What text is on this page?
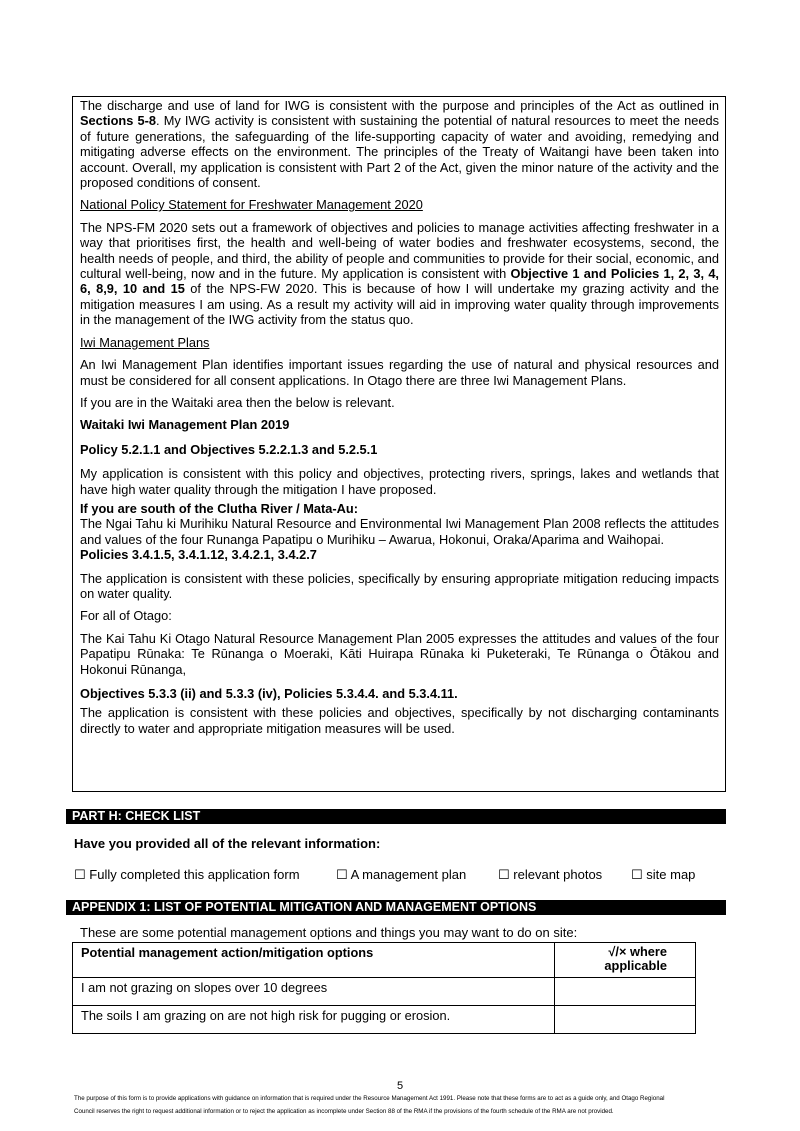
The discharge and use of land for IWG is consistent with the purpose and principles of the Act as outlined in Sections 5-8. My IWG activity is consistent with sustaining the potential of natural resources to meet the needs of future generations, the safeguarding of the life-supporting capacity of water and avoiding, remedying and mitigating adverse effects on the environment. The principles of the Treaty of Waitangi have been taken into account. Overall, my application is consistent with Part 2 of the Act, given the minor nature of the activity and the proposed conditions of consent.

National Policy Statement for Freshwater Management 2020

The NPS-FM 2020 sets out a framework of objectives and policies to manage activities affecting freshwater in a way that prioritises first, the health and well-being of water bodies and freshwater ecosystems, second, the health needs of people, and third, the ability of people and communities to provide for their social, economic, and cultural well-being, now and in the future. My application is consistent with Objective 1 and Policies 1, 2, 3, 4, 6, 8,9, 10 and 15 of the NPS-FW 2020. This is because of how I will undertake my grazing activity and the mitigation measures I am using. As a result my activity will aid in improving water quality through improvements in the management of the IWG activity from the status quo.

Iwi Management Plans

An Iwi Management Plan identifies important issues regarding the use of natural and physical resources and must be considered for all consent applications. In Otago there are three Iwi Management Plans.

If you are in the Waitaki area then the below is relevant.

Waitaki Iwi Management Plan 2019

Policy 5.2.1.1 and Objectives 5.2.2.1.3 and 5.2.5.1

My application is consistent with this policy and objectives, protecting rivers, springs, lakes and wetlands that have high water quality through the mitigation I have proposed.

If you are south of the Clutha River / Mata-Au:

The Ngai Tahu ki Murihiku Natural Resource and Environmental Iwi Management Plan 2008 reflects the attitudes and values of the four Runanga Papatipu o Murihiku – Awarua, Hokonui, Oraka/Aparima and Waihopai.

Policies 3.4.1.5, 3.4.1.12, 3.4.2.1, 3.4.2.7

The application is consistent with these policies, specifically by ensuring appropriate mitigation reducing impacts on water quality.

For all of Otago:

The Kai Tahu Ki Otago Natural Resource Management Plan 2005 expresses the attitudes and values of the four Papatipu Rūnaka: Te Rūnanga o Moeraki, Kāti Huirapa Rūnaka ki Puketeraki, Te Rūnanga o Ōtākou and Hokonui Rūnanga,

Objectives 5.3.3 (ii) and 5.3.3 (iv), Policies 5.3.4.4. and 5.3.4.11.

The application is consistent with these policies and objectives, specifically by not discharging contaminants directly to water and appropriate mitigation measures will be used.

PART H: CHECK LIST
Have you provided all of the relevant information:
☐ Fully completed this application form	☐ A management plan ☐ relevant photos ☐ site map
APPENDIX 1: LIST OF POTENTIAL MITIGATION AND MANAGEMENT OPTIONS
These are some potential management options and things you may want to do on site:
Potential management action/mitigation options	√/× where
applicable
I am not grazing on slopes over 10 degrees	
The soils I am grazing on are not high risk for pugging or erosion.	
5
The purpose of this form is to provide applications with guidance on information that is required under the Resource Management Act 1991. Please note that these forms are to act as a guide only, and Otago Regional
Council reserves the right to request additional information or to reject the application as incomplete under Section 88 of the RMA if the provisions of the fourth schedule of the RMA are not provided.
